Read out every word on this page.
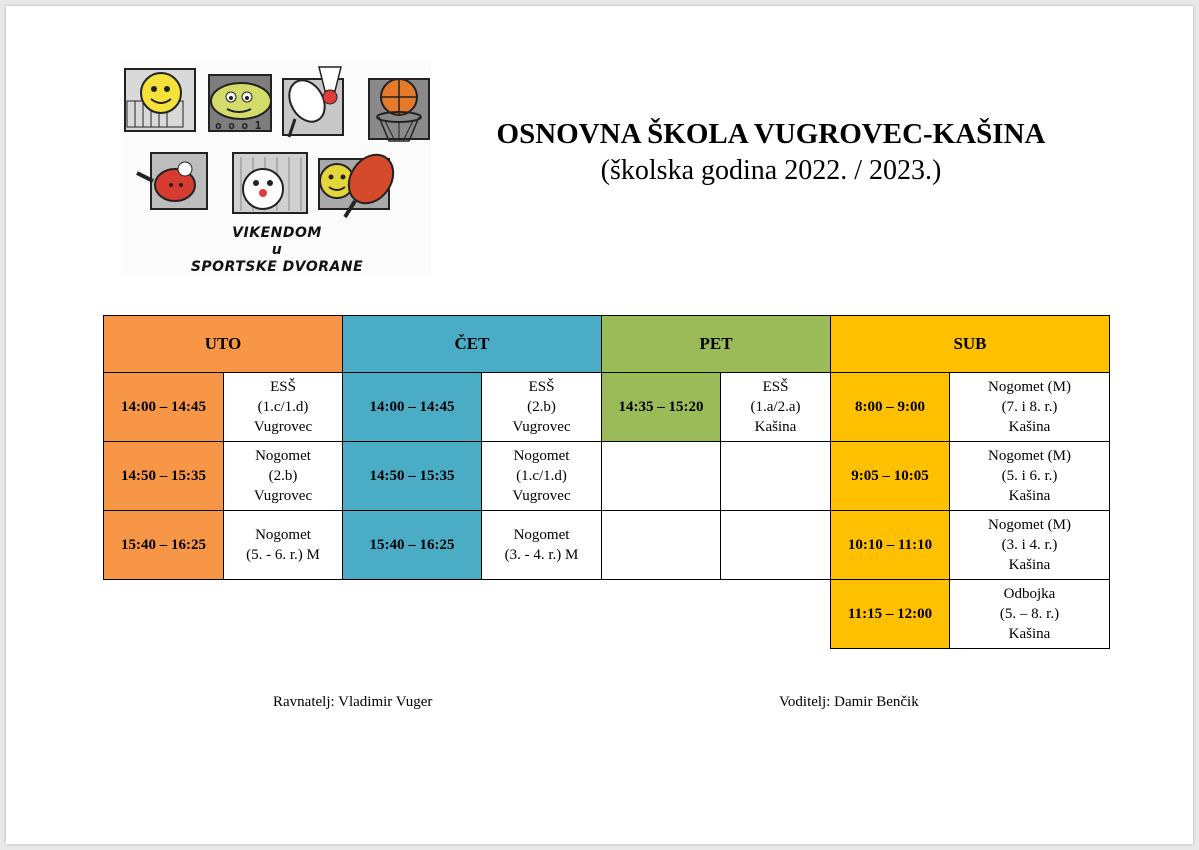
o o o 1
VIKENDOM
u
SPORTSKE DVORANE
OSNOVNA ŠKOLA VUGROVEC-KAŠINA
(školska godina 2022. / 2023.)
UTO		ČET		PET		SUB	
14:00 – 14:45	ESŠ
(1.c/1.d)
Vugrovec	14:00 – 14:45	ESŠ
(2.b)
Vugrovec	14:35 – 15:20	ESŠ
(1.a/2.a)
Kašina	8:00 – 9:00	Nogomet (M)
(7. i 8. r.)
Kašina

14:50 – 15:35	Nogomet
(2.b)
Vugrovec	14:50 – 15:35	Nogomet
(1.c/1.d)
Vugrovec			9:05 – 10:05	Nogomet (M)
(5. i 6. r.)
Kašina

15:40 – 16:25	Nogomet
(5. - 6. r.) M	15:40 – 16:25	Nogomet
(3. - 4. r.) M			10:10 – 11:10	Nogomet (M)
(3. i 4. r.)
Kašina

						11:15 – 12:00	Odbojka
(5. – 8. r.)
Kašina
Ravnatelj: Vladimir Vuger	Voditelj: Damir Benčik
